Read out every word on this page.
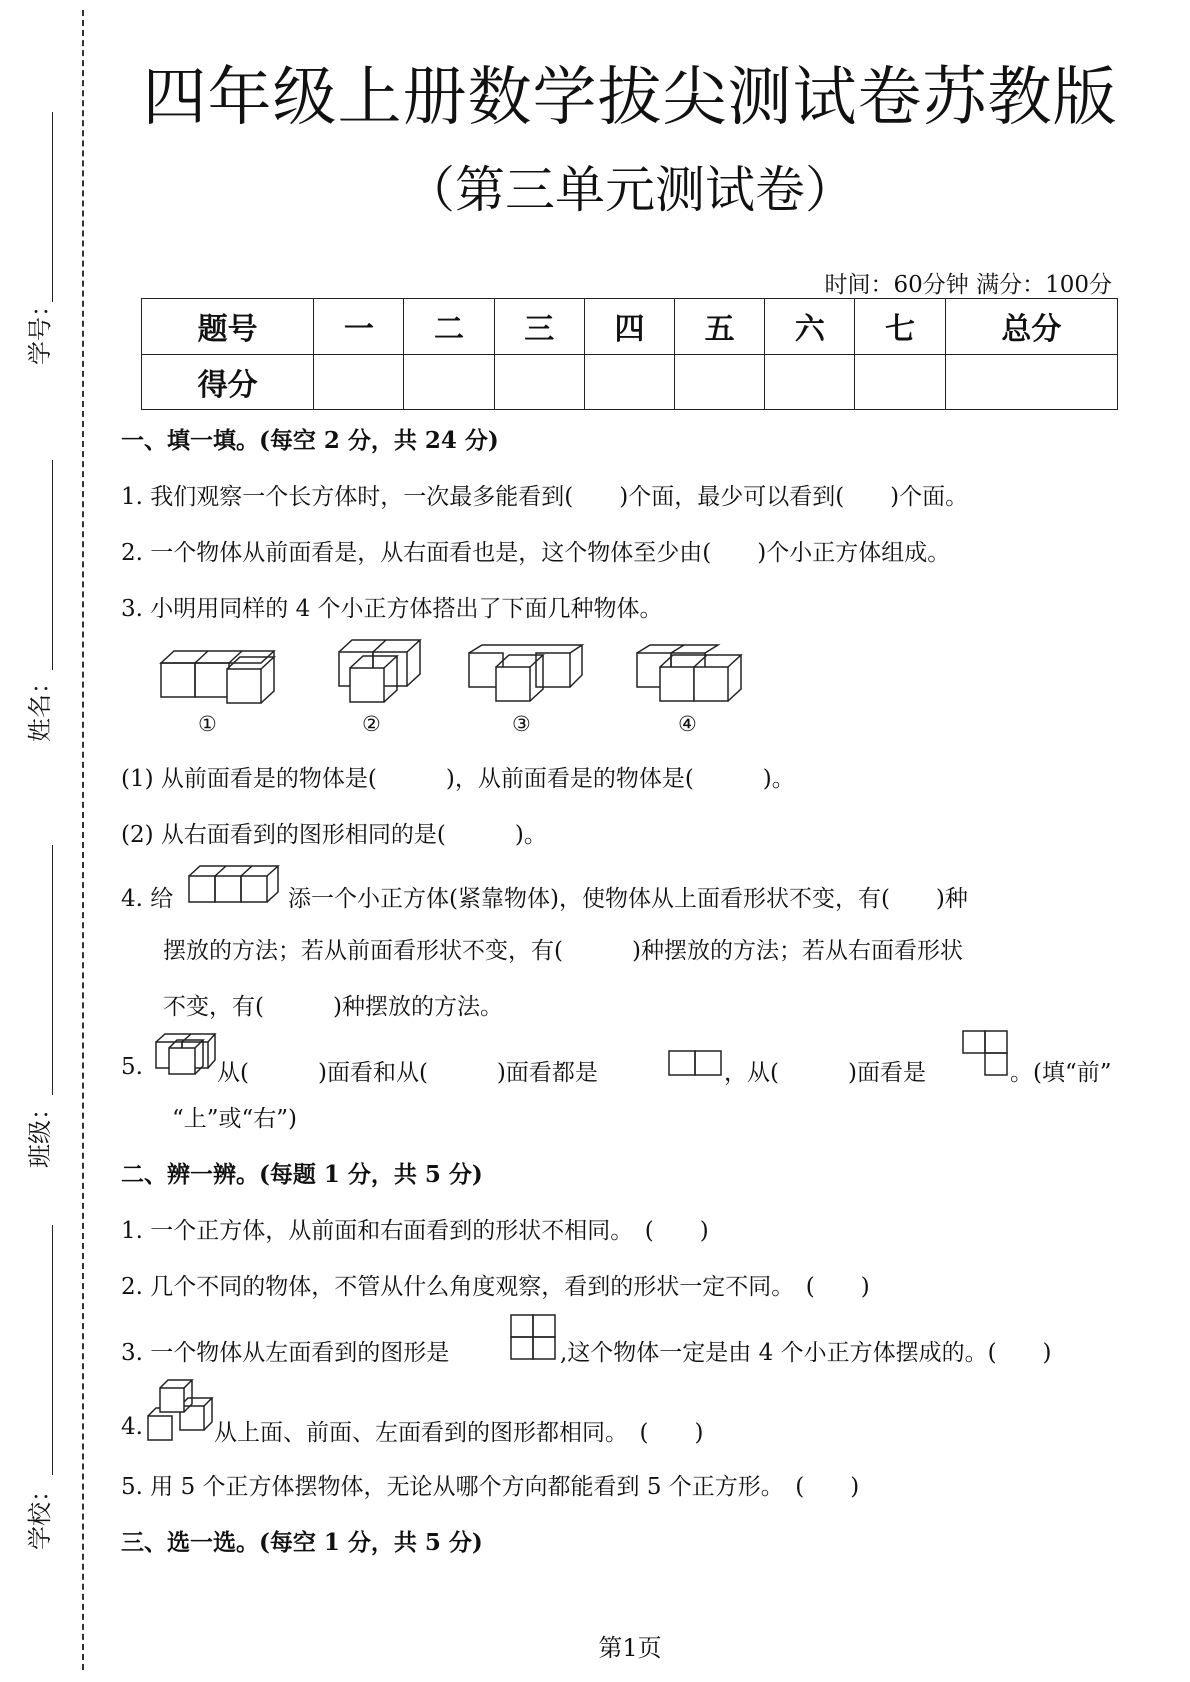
学号：
姓名：
班级：
学校：
四年级上册数学拔尖测试卷苏教版
（第三单元测试卷）
时间：60分钟 满分：100分
题号	一	二	三	四	五	六	七	总分
得分								
一、填一填。(每空 2 分，共 24 分)
1. 我们观察一个长方体时，一次最多能看到(　　)个面，最少可以看到(　　)个面。
2. 一个物体从前面看是，从右面看也是，这个物体至少由(　　)个小正方体组成。
3. 小明用同样的 4 个小正方体搭出了下面几种物体。
①	②	③	④
(1) 从前面看是的物体是(　　　)，从前面看是的物体是(　　　)。
(2) 从右面看到的图形相同的是(　　　)。
4. 给	添一个小正方体(紧靠物体)，使物体从上面看形状不变，有(　　)种
摆放的方法；若从前面看形状不变，有(　　　)种摆放的方法；若从右面看形状
不变，有(　　　)种摆放的方法。
5.	从(　　　)面看和从(　　　)面看都是	，从(　　　)面看是	。(填“前”
“上”或“右”)
二、辨一辨。(每题 1 分，共 5 分)
1. 一个正方体，从前面和右面看到的形状不相同。　(　　)
2. 几个不同的物体，不管从什么角度观察，看到的形状一定不同。　(　　)
3. 一个物体从左面看到的图形是	,这个物体一定是由 4 个小正方体摆成的。(　　)
4.	从上面、前面、左面看到的图形都相同。　(　　)
5. 用 5 个正方体摆物体，无论从哪个方向都能看到 5 个正方形。　(　　)
三、选一选。(每空 1 分，共 5 分)
第1页
